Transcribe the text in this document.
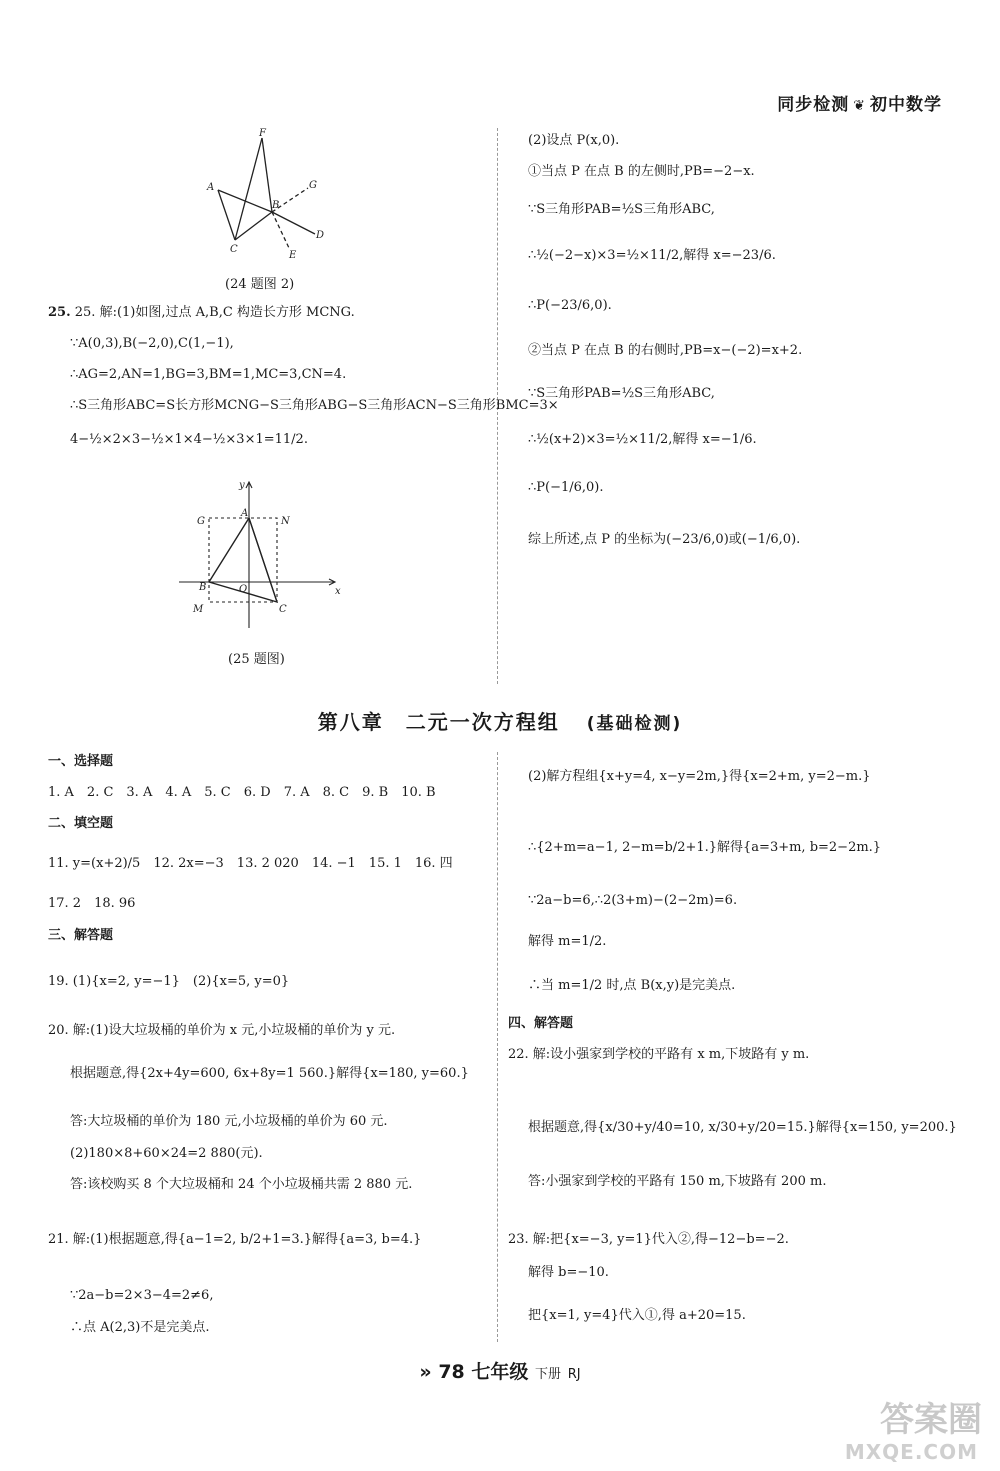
同步检测 ❦ 初中数学
F
A
B
G
D
C
E
(24 题图 2)
25. 25. 解:(1)如图,过点 A,B,C 构造长方形 MCNG.
∵A(0,3),B(−2,0),C(1,−1),
∴AG=2,AN=1,BG=3,BM=1,MC=3,CN=4.
∴S三角形ABC=S长方形MCNG−S三角形ABG−S三角形ACN−S三角形BMC=3×
4−½×2×3−½×1×4−½×3×1=11/2.
y
x
G
A
N
B	O
M	C
(25 题图)
(2)设点 P(x,0).
①当点 P 在点 B 的左侧时,PB=−2−x.
∵S三角形PAB=½S三角形ABC,
∴½(−2−x)×3=½×11/2,解得 x=−23/6.
∴P(−23/6,0).
②当点 P 在点 B 的右侧时,PB=x−(−2)=x+2.
∵S三角形PAB=½S三角形ABC,
∴½(x+2)×3=½×11/2,解得 x=−1/6.
∴P(−1/6,0).
综上所述,点 P 的坐标为(−23/6,0)或(−1/6,0).
第八章　二元一次方程组 (基础检测)
一、选择题
1. A　2. C　3. A　4. A　5. C　6. D　7. A　8. C　9. B　10. B
二、填空题
11. y=(x+2)/5　12. 2x=−3　13. 2 020　14. −1　15. 1　16. 四
17. 2　18. 96
三、解答题
19. (1){x=2, y=−1}　(2){x=5, y=0}
20. 解:(1)设大垃圾桶的单价为 x 元,小垃圾桶的单价为 y 元.
根据题意,得{2x+4y=600, 6x+8y=1 560.}解得{x=180, y=60.}
答:大垃圾桶的单价为 180 元,小垃圾桶的单价为 60 元.
(2)180×8+60×24=2 880(元).
答:该校购买 8 个大垃圾桶和 24 个小垃圾桶共需 2 880 元.
21. 解:(1)根据题意,得{a−1=2, b/2+1=3.}解得{a=3, b=4.}
∵2a−b=2×3−4=2≠6,
∴点 A(2,3)不是完美点.
(2)解方程组{x+y=4, x−y=2m,}得{x=2+m, y=2−m.}
∴{2+m=a−1, 2−m=b/2+1.}解得{a=3+m, b=2−2m.}
∵2a−b=6,∴2(3+m)−(2−2m)=6.
解得 m=1/2.
∴当 m=1/2 时,点 B(x,y)是完美点.
四、解答题
22. 解:设小强家到学校的平路有 x m,下坡路有 y m.
根据题意,得{x/30+y/40=10, x/30+y/20=15.}解得{x=150, y=200.}
答:小强家到学校的平路有 150 m,下坡路有 200 m.
23. 解:把{x=−3, y=1}代入②,得−12−b=−2.
解得 b=−10.
把{x=1, y=4}代入①,得 a+20=15.
» 78 七年级 下册 RJ
答案圈
MXQE.COM
